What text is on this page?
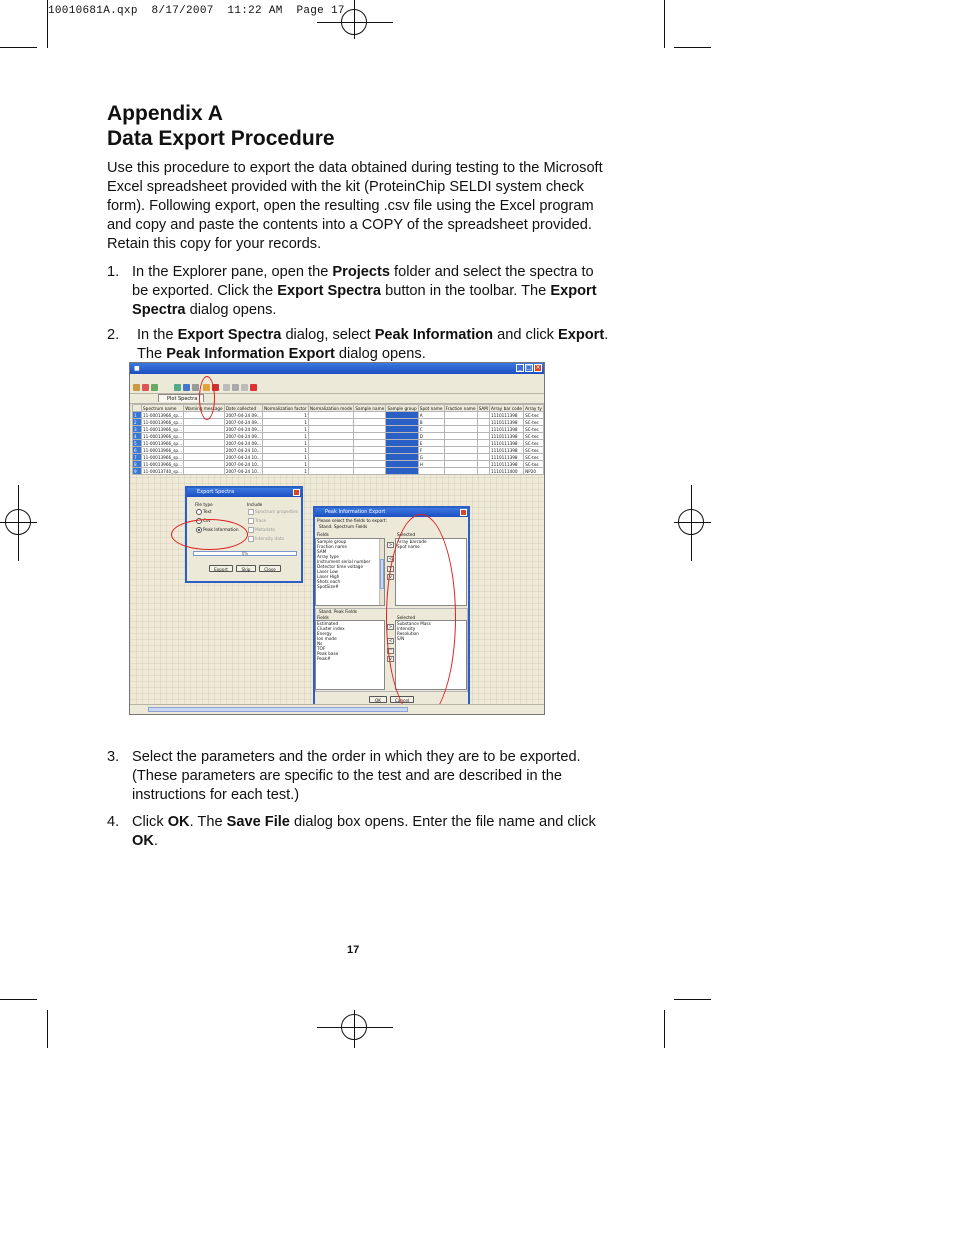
10010681A.qxp  8/17/2007  11:22 AM  Page 17
Appendix A
Data Export Procedure
Use this procedure to export the data obtained during testing to the Microsoft Excel spreadsheet provided with the kit (ProteinChip SELDI system check form). Following export, open the resulting .csv file using the Excel program and copy and paste the contents into a COPY of the spreadsheet provided. Retain this copy for your records.
1. In the Explorer pane, open the Projects folder and select the spectra to be exported. Click the Export Spectra button in the toolbar. The Export Spectra dialog opens.
2. In the Export Spectra dialog, select Peak Information and click Export. The Peak Information Export dialog opens.
■	_ □ ×
Plot Spectra
	Spectrum name	Warning message	Date collected	Normalization factor	Normalization mode	Sample name	Sample group	Spot name	Fraction name	SAM	Array bar code	Array ty
1	11-00013966_sp...		2007-04-24 09...	1				A			1110111398	SC-tes
2	11-00013966_sp...		2007-04-24 09...	1				B			1110111398	SC-tes
3	11-00013966_sp...		2007-04-24 09...	1				C			1110111398	SC-tes
4	11-00013966_sp...		2007-04-24 09...	1				D			1110111398	SC-tes
5	11-00013966_sp...		2007-04-24 09...	1				E			1110111398	SC-tes
6	11-00013966_sp...		2007-04-24 10...	1				F			1110111398	SC-tes
7	11-00013966_sp...		2007-04-24 10...	1				G			1110111398	SC-tes
8	11-00013966_sp...		2007-04-24 10...	1				H			1110111398	SC-tes
9	11-00013740_sp...		2007-04-24 10...	1							1110111400	NP20
Export Spectra
File type
Text
Csv
Peak Information
Include
Spectrum properties
Trace
Metadata
Intensity data
0%
Export	Skip	Close
Peak Information Export
Please select the fields to export:
Stand. Spectrum Fields
Fields	Selected
Sample group
Fraction name
SAM
Array type
Instrument serial number
Detector time voltage
Laser Low
Laser High
Shots each
SpotSize#
>
<
^
v
Array barcode
Spot name
Stand. Peak Fields
Fields	Selected
Estimated
Cluster index
Energy
Ion mode
Ns
TOF
Peak base
Peak#
>
<
^
v
Substance Mass
Intensity
Resolution
S/N
OK	Cancel
3. Select the parameters and the order in which they are to be exported. (These parameters are specific to the test and are described in the instructions for each test.)
4. Click OK. The Save File dialog box opens. Enter the file name and click OK.
17
